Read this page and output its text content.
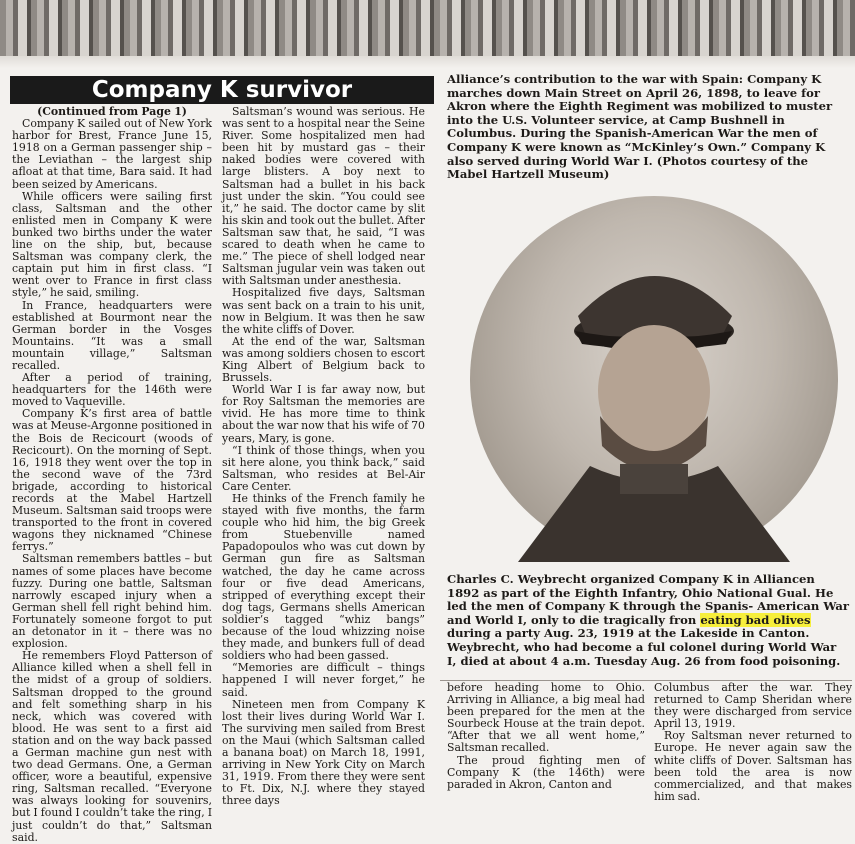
Company K survivor

(Continued from Page 1)

Company K sailed out of New York harbor for Brest, France June 15, 1918 on a German passenger ship – the Leviathan – the largest ship afloat at that time, Bara said. It had been seized by Americans.

While officers were sailing first class, Saltsman and the other enlisted men in Company K were bunked two births under the water line on the ship, but, because Saltsman was company clerk, the captain put him in first class. “I went over to France in first class style,” he said, smiling.

In France, headquarters were established at Bourmont near the German border in the Vosges Mountains. “It was a small mountain village,” Saltsman recalled.

After a period of training, headquarters for the 146th were moved to Vaqueville.

Company K’s first area of battle was at Meuse-Argonne positioned in the Bois de Recicourt (woods of Recicourt). On the morning of Sept. 16, 1918 they went over the top in the second wave of the 73rd brigade, according to historical records at the Mabel Hartzell Museum. Saltsman said troops were transported to the front in covered wagons they nicknamed “Chinese ferrys.”

Saltsman remembers battles – but names of some places have become fuzzy. During one battle, Saltsman narrowly escaped injury when a German shell fell right behind him. Fortunately someone forgot to put an detonator in it – there was no explosion.

He remembers Floyd Patterson of Alliance killed when a shell fell in the midst of a group of soldiers. Saltsman dropped to the ground and felt something sharp in his neck, which was covered with blood. He was sent to a first aid station and on the way back passed a German machine gun nest with two dead Germans. One, a German officer, wore a beautiful, expensive ring, Saltsman recalled. “Everyone was always looking for souvenirs, but I found I couldn’t take the ring, I just couldn’t do that,” Saltsman said.

Saltsman’s wound was serious. He was sent to a hospital near the Seine River. Some hospitalized men had been hit by mustard gas – their naked bodies were covered with large blisters. A boy next to Saltsman had a bullet in his back just under the skin. “You could see it,” he said. The doctor came by slit his skin and took out the bullet. After Saltsman saw that, he said, “I was scared to death when he came to me.” The piece of shell lodged near Saltsman jugular vein was taken out with Saltsman under anesthesia.

Hospitalized five days, Saltsman was sent back on a train to his unit, now in Belgium. It was then he saw the white cliffs of Dover.

At the end of the war, Saltsman was among soldiers chosen to escort King Albert of Belgium back to Brussels.

World War I is far away now, but for Roy Saltsman the memories are vivid. He has more time to think about the war now that his wife of 70 years, Mary, is gone.

“I think of those things, when you sit here alone, you think back,” said Saltsman, who resides at Bel-Air Care Center.

He thinks of the French family he stayed with five months, the farm couple who hid him, the big Greek from Stuebenville named Papadopoulos who was cut down by German gun fire as Saltsman watched, the day he came across four or five dead Americans, stripped of everything except their dog tags, Germans shells American soldier’s tagged “whiz bangs” because of the loud whizzing noise they made, and bunkers full of dead soldiers who had been gassed.

“Memories are difficult – things happened I will never forget,” he said.

Nineteen men from Company K lost their lives during World War I. The surviving men sailed from Brest on the Maui (which Saltsman called a banana boat) on March 18, 1991, arriving in New York City on March 31, 1919. From there they were sent to Ft. Dix, N.J. where they stayed three days

Alliance’s contribution to the war with Spain: Company K marches down Main Street on April 26, 1898, to leave for Akron where the Eighth Regiment was mobilized to muster into the U.S. Volunteer service, at Camp Bushnell in Columbus. During the Spanish-American War the men of Company K were known as “McKinley’s Own.” Company K also served during World War I. (Photos courtesy of the Mabel Hartzell Museum)
Charles C. Weybrecht organized Company K in Alliancen 1892 as part of the Eighth Infantry, Ohio National Gual. He led the men of Company K through the Spanis- American War and World I, only to die tragically fron eating bad olives during a party Aug. 23, 1919 at the Lakeside in Canton. Weybrecht, who had become a ful colonel during World War I, died at about 4 a.m. Tuesday Aug. 26 from food poisoning.

before heading home to Ohio. Arriving in Alliance, a big meal had been prepared for the men at the Sourbeck House at the train depot. “After that we all went home,” Saltsman recalled.

The proud fighting men of Company K (the 146th) were paraded in Akron, Canton and

Columbus after the war. They returned to Camp Sheridan where they were discharged from service April 13, 1919.

Roy Saltsman never returned to Europe. He never again saw the white cliffs of Dover. Saltsman has been told the area is now commercialized, and that makes him sad.
